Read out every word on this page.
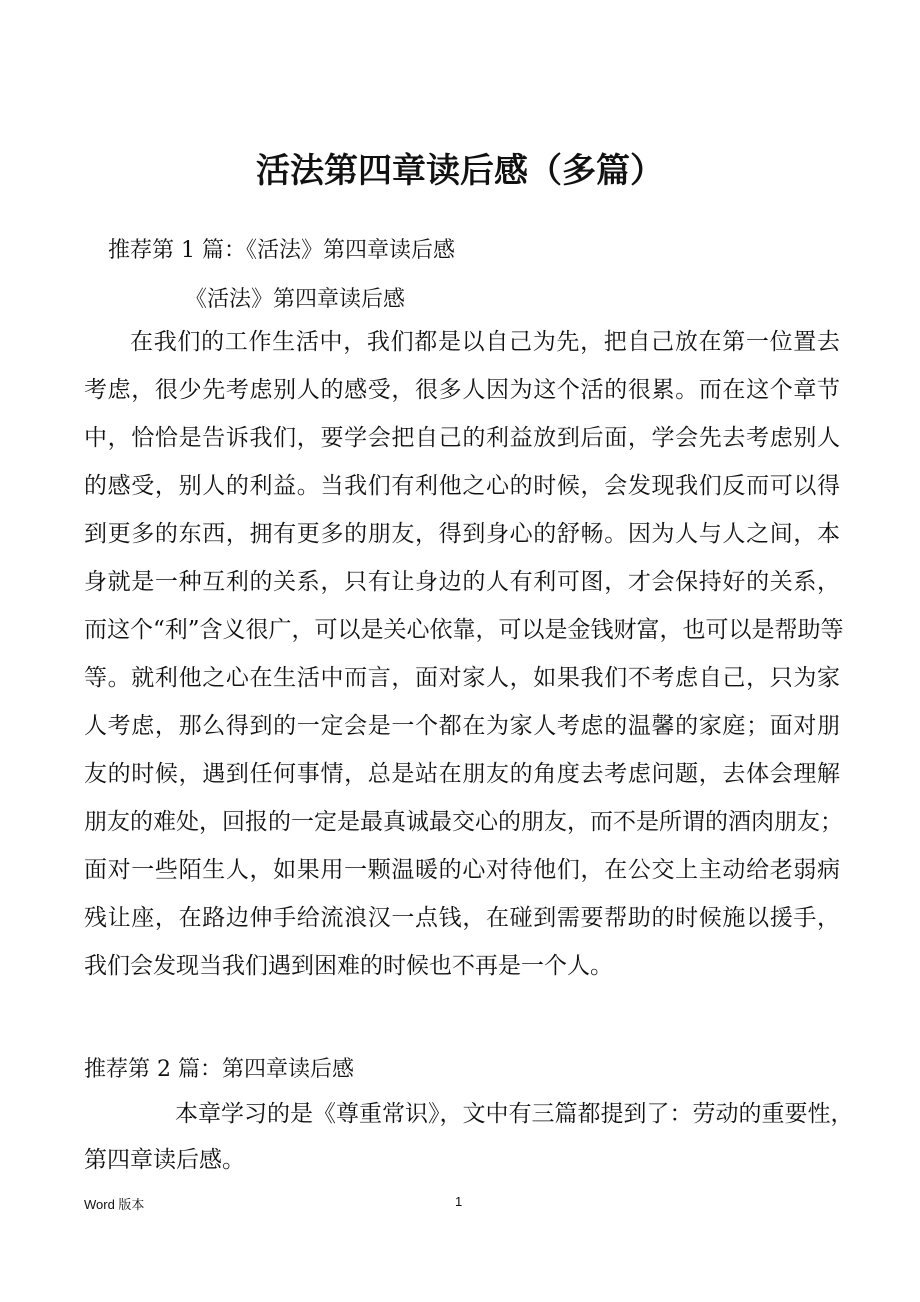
活法第四章读后感（多篇）
推荐第 1 篇：《活法》第四章读后感
《活法》第四章读后感
在我们的工作生活中，我们都是以自己为先，把自己放在第一位置去
考虑，很少先考虑别人的感受，很多人因为这个活的很累。而在这个章节
中，恰恰是告诉我们，要学会把自己的利益放到后面，学会先去考虑别人
的感受，别人的利益。当我们有利他之心的时候，会发现我们反而可以得
到更多的东西，拥有更多的朋友，得到身心的舒畅。因为人与人之间，本
身就是一种互利的关系，只有让身边的人有利可图，才会保持好的关系，
而这个“利”含义很广，可以是关心依靠，可以是金钱财富，也可以是帮助等
等。就利他之心在生活中而言，面对家人，如果我们不考虑自己，只为家
人考虑，那么得到的一定会是一个都在为家人考虑的温馨的家庭；面对朋
友的时候，遇到任何事情，总是站在朋友的角度去考虑问题，去体会理解
朋友的难处，回报的一定是最真诚最交心的朋友，而不是所谓的酒肉朋友；
面对一些陌生人，如果用一颗温暖的心对待他们，在公交上主动给老弱病
残让座，在路边伸手给流浪汉一点钱，在碰到需要帮助的时候施以援手，
我们会发现当我们遇到困难的时候也不再是一个人。
推荐第 2 篇：第四章读后感
本章学习的是《尊重常识》，文中有三篇都提到了：劳动的重要性，
第四章读后感。
Word 版本	1
